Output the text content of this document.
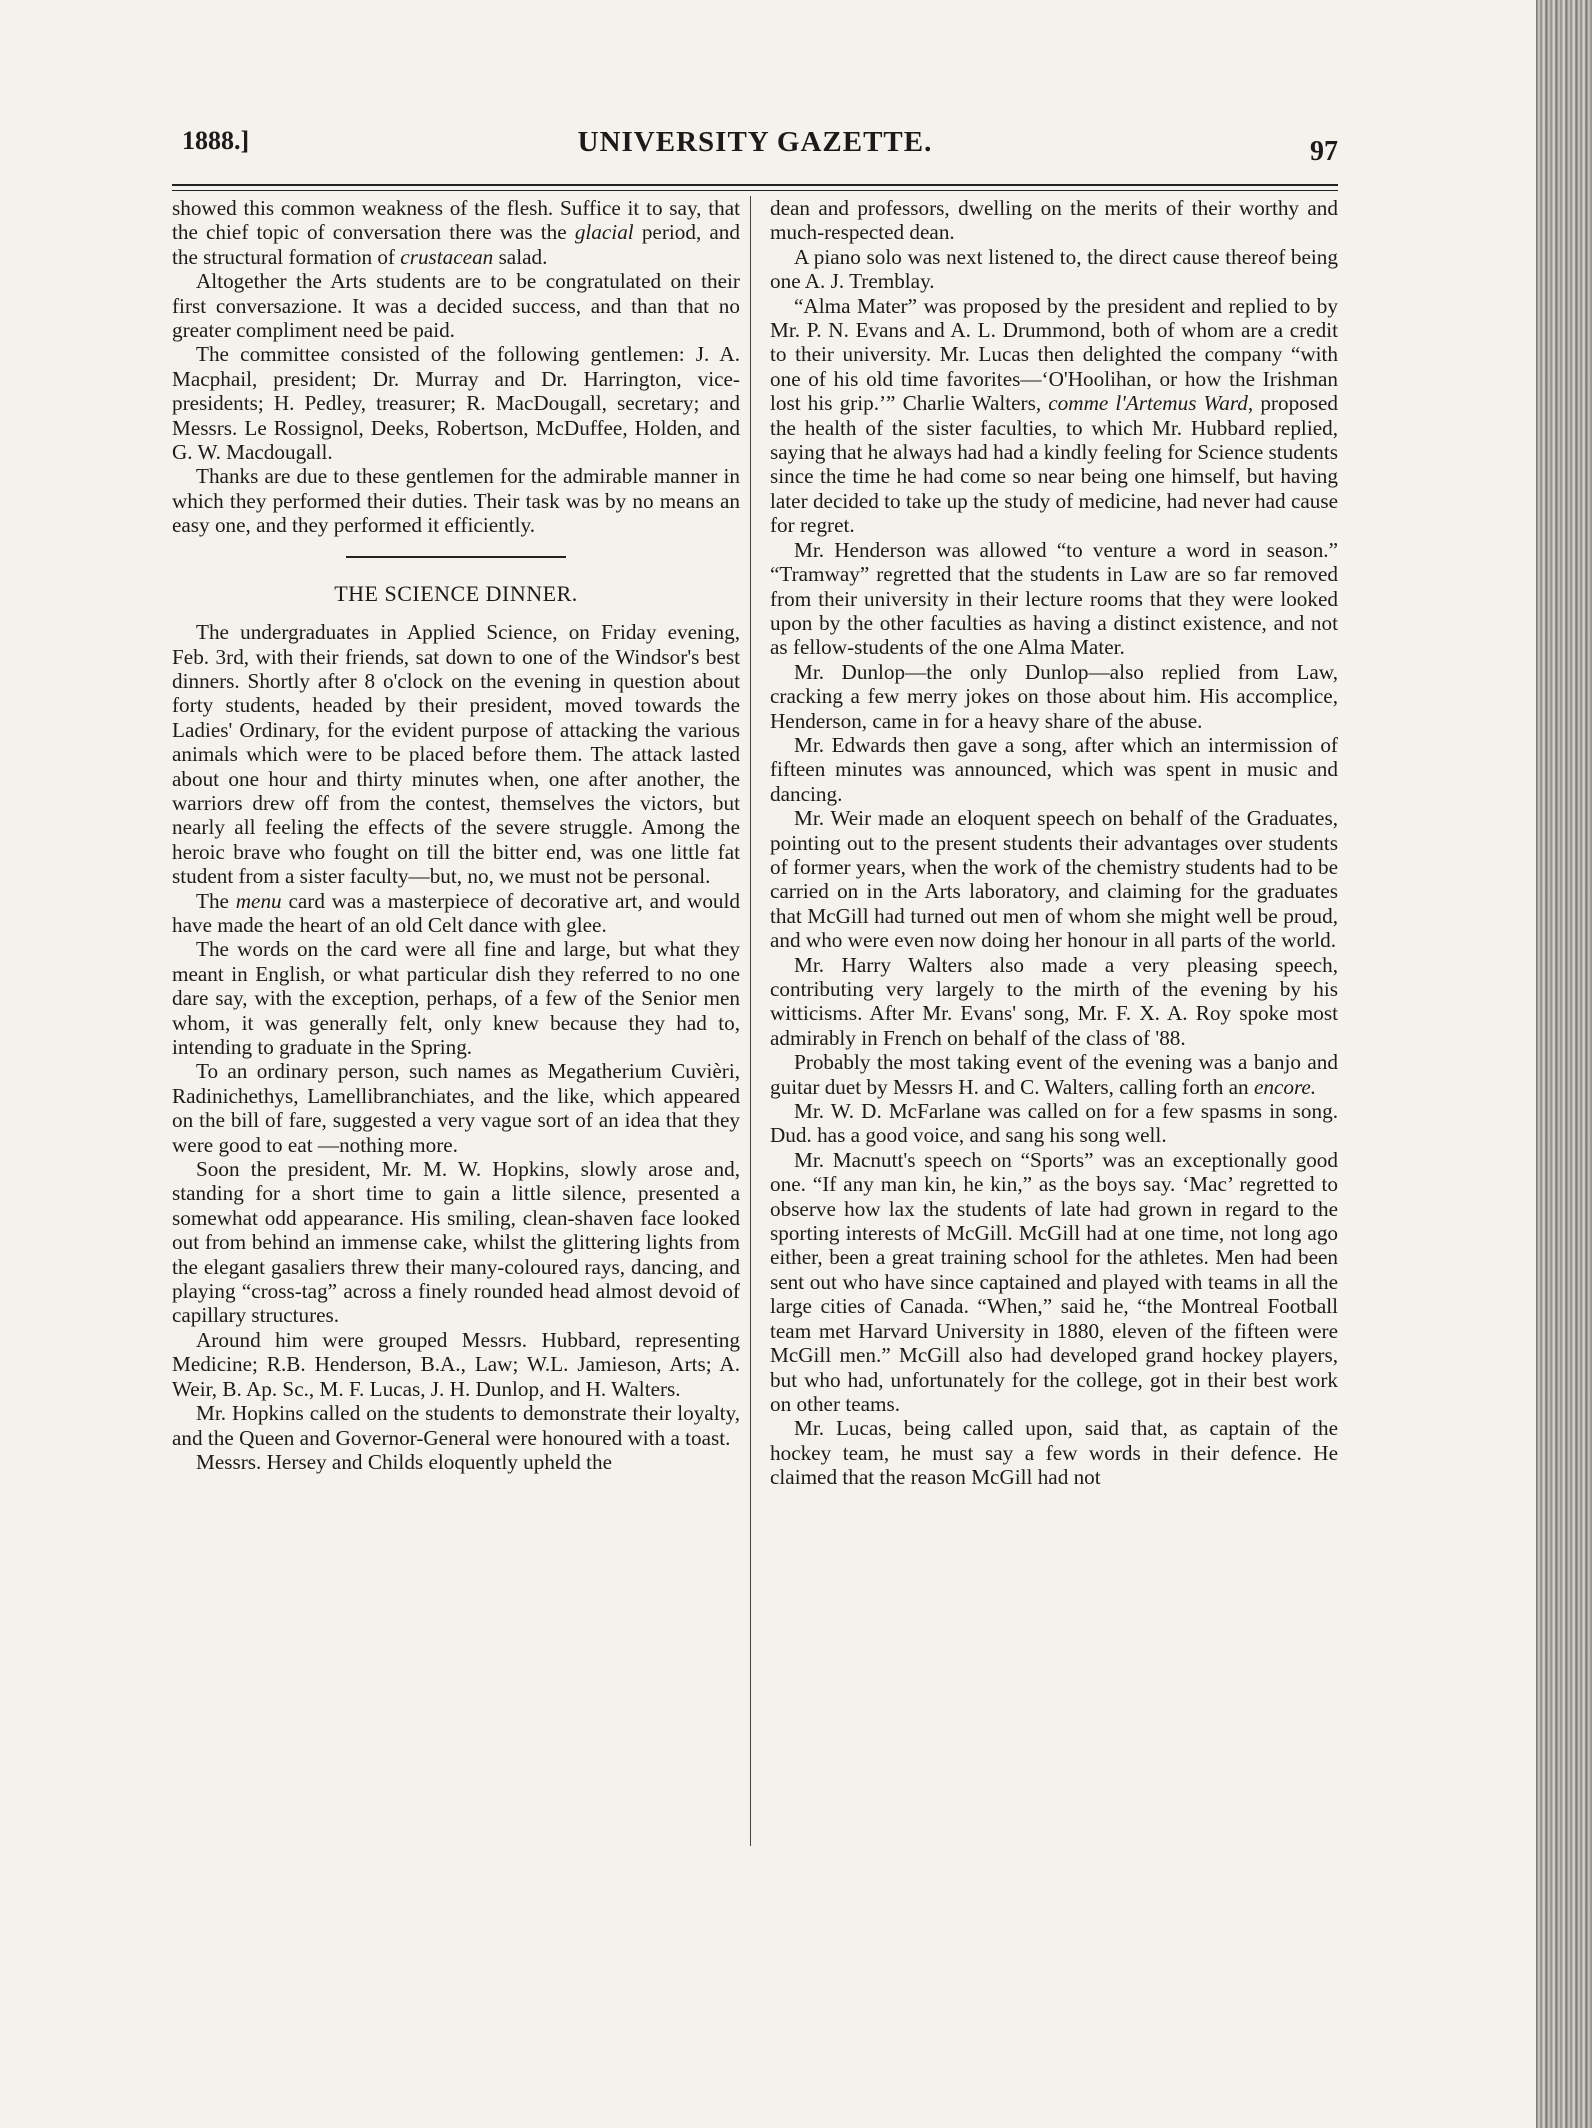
1888.]	UNIVERSITY GAZETTE.	97

showed this common weakness of the flesh. Suffice it to say, that the chief topic of conversation there was the glacial period, and the structural formation of crustacean salad.

Altogether the Arts students are to be congratulated on their first conversazione. It was a decided success, and than that no greater compliment need be paid.

The committee consisted of the following gentlemen: J. A. Macphail, president; Dr. Murray and Dr. Harrington, vice-presidents; H. Pedley, treasurer; R. MacDougall, secretary; and Messrs. Le Rossignol, Deeks, Robertson, McDuffee, Holden, and G. W. Macdougall.

Thanks are due to these gentlemen for the admirable manner in which they performed their duties. Their task was by no means an easy one, and they performed it efficiently.

THE SCIENCE DINNER.

The undergraduates in Applied Science, on Friday evening, Feb. 3rd, with their friends, sat down to one of the Windsor's best dinners. Shortly after 8 o'clock on the evening in question about forty students, headed by their president, moved towards the Ladies' Ordinary, for the evident purpose of attacking the various animals which were to be placed before them. The attack lasted about one hour and thirty minutes when, one after another, the warriors drew off from the contest, themselves the victors, but nearly all feeling the effects of the severe struggle. Among the heroic brave who fought on till the bitter end, was one little fat student from a sister faculty—but, no, we must not be personal.

The menu card was a masterpiece of decorative art, and would have made the heart of an old Celt dance with glee.

The words on the card were all fine and large, but what they meant in English, or what particular dish they referred to no one dare say, with the exception, perhaps, of a few of the Senior men whom, it was generally felt, only knew because they had to, intending to graduate in the Spring.

To an ordinary person, such names as Megatherium Cuvièri, Radinichethys, Lamellibranchiates, and the like, which appeared on the bill of fare, suggested a very vague sort of an idea that they were good to eat —nothing more.

Soon the president, Mr. M. W. Hopkins, slowly arose and, standing for a short time to gain a little silence, presented a somewhat odd appearance. His smiling, clean-shaven face looked out from behind an immense cake, whilst the glittering lights from the elegant gasaliers threw their many-coloured rays, dancing, and playing “cross-tag” across a finely rounded head almost devoid of capillary structures.

Around him were grouped Messrs. Hubbard, representing Medicine; R.B. Henderson, B.A., Law; W.L. Jamieson, Arts; A. Weir, B. Ap. Sc., M. F. Lucas, J. H. Dunlop, and H. Walters.

Mr. Hopkins called on the students to demonstrate their loyalty, and the Queen and Governor-General were honoured with a toast.

Messrs. Hersey and Childs eloquently upheld the

dean and professors, dwelling on the merits of their worthy and much-respected dean.

A piano solo was next listened to, the direct cause thereof being one A. J. Tremblay.

“Alma Mater” was proposed by the president and replied to by Mr. P. N. Evans and A. L. Drummond, both of whom are a credit to their university. Mr. Lucas then delighted the company “with one of his old time favorites—‘O'Hoolihan, or how the Irishman lost his grip.’” Charlie Walters, comme l'Artemus Ward, proposed the health of the sister faculties, to which Mr. Hubbard replied, saying that he always had had a kindly feeling for Science students since the time he had come so near being one himself, but having later decided to take up the study of medicine, had never had cause for regret.

Mr. Henderson was allowed “to venture a word in season.” “Tramway” regretted that the students in Law are so far removed from their university in their lecture rooms that they were looked upon by the other faculties as having a distinct existence, and not as fellow-students of the one Alma Mater.

Mr. Dunlop—the only Dunlop—also replied from Law, cracking a few merry jokes on those about him. His accomplice, Henderson, came in for a heavy share of the abuse.

Mr. Edwards then gave a song, after which an intermission of fifteen minutes was announced, which was spent in music and dancing.

Mr. Weir made an eloquent speech on behalf of the Graduates, pointing out to the present students their advantages over students of former years, when the work of the chemistry students had to be carried on in the Arts laboratory, and claiming for the graduates that McGill had turned out men of whom she might well be proud, and who were even now doing her honour in all parts of the world.

Mr. Harry Walters also made a very pleasing speech, contributing very largely to the mirth of the evening by his witticisms. After Mr. Evans' song, Mr. F. X. A. Roy spoke most admirably in French on behalf of the class of '88.

Probably the most taking event of the evening was a banjo and guitar duet by Messrs H. and C. Walters, calling forth an encore.

Mr. W. D. McFarlane was called on for a few spasms in song. Dud. has a good voice, and sang his song well.

Mr. Macnutt's speech on “Sports” was an exceptionally good one. “If any man kin, he kin,” as the boys say. ‘Mac’ regretted to observe how lax the students of late had grown in regard to the sporting interests of McGill. McGill had at one time, not long ago either, been a great training school for the athletes. Men had been sent out who have since captained and played with teams in all the large cities of Canada. “When,” said he, “the Montreal Football team met Harvard University in 1880, eleven of the fifteen were McGill men.” McGill also had developed grand hockey players, but who had, unfortunately for the college, got in their best work on other teams.

Mr. Lucas, being called upon, said that, as captain of the hockey team, he must say a few words in their defence. He claimed that the reason McGill had not
